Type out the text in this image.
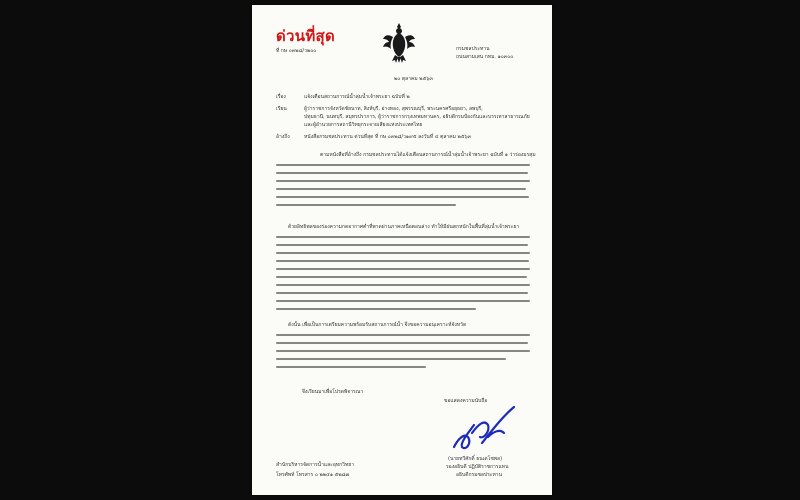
ด่วนที่สุด
ที่ กษ ๐๓๒๘/ว๒๐๐	กรมชลประทาน
ถนนสามเสน กทม. ๑๐๓๐๐
๒๐ ตุลาคม ๒๕๖๓
เรื่อง	แจ้งเตือนสถานการณ์น้ำลุ่มน้ำเจ้าพระยา ฉบับที่ ๒
เรียน	ผู้ว่าราชการจังหวัดชัยนาท, สิงห์บุรี, อ่างทอง, สุพรรณบุรี, พระนครศรีอยุธยา, ลพบุรี,
ปทุมธานี, นนทบุรี, สมุทรปราการ, ผู้ว่าราชการกรุงเทพมหานคร, อธิบดีกรมป้องกันและบรรเทาสาธารณภัย
และผู้อำนวยการสถานีวิทยุกระจายเสียงแห่งประเทศไทย
อ้างถึง	หนังสือกรมชลประทาน ด่วนที่สุด ที่ กษ ๐๓๒๘/ว๑๙๕ ลงวันที่ ๔ ตุลาคม ๒๕๖๓
ตามหนังสือที่อ้างถึง กรมชลประทานได้แจ้งเตือนสถานการณ์น้ำลุ่มน้ำเจ้าพระยา ฉบับที่ ๑ ว่าร่องมรสุม
ด้วยอิทธิพลของร่องความกดอากาศต่ำที่พาดผ่านภาคเหนือตอนล่าง ทำให้มีฝนตกหนักในพื้นที่ลุ่มน้ำเจ้าพระยา
ดังนั้น เพื่อเป็นการเตรียมความพร้อมรับสถานการณ์น้ำ จึงขอความอนุเคราะห์จังหวัด
จึงเรียนมาเพื่อโปรดพิจารณา
ขอแสดงความนับถือ
(นายทวีศักดิ์ ธนเดโชพล)
รองอธิบดี ปฏิบัติราชการแทน
อธิบดีกรมชลประทาน
สำนักบริหารจัดการน้ำและอุทกวิทยา
โทรศัพท์ โทรสาร ๐ ๒๒๔๑ ๕๒๘๗
